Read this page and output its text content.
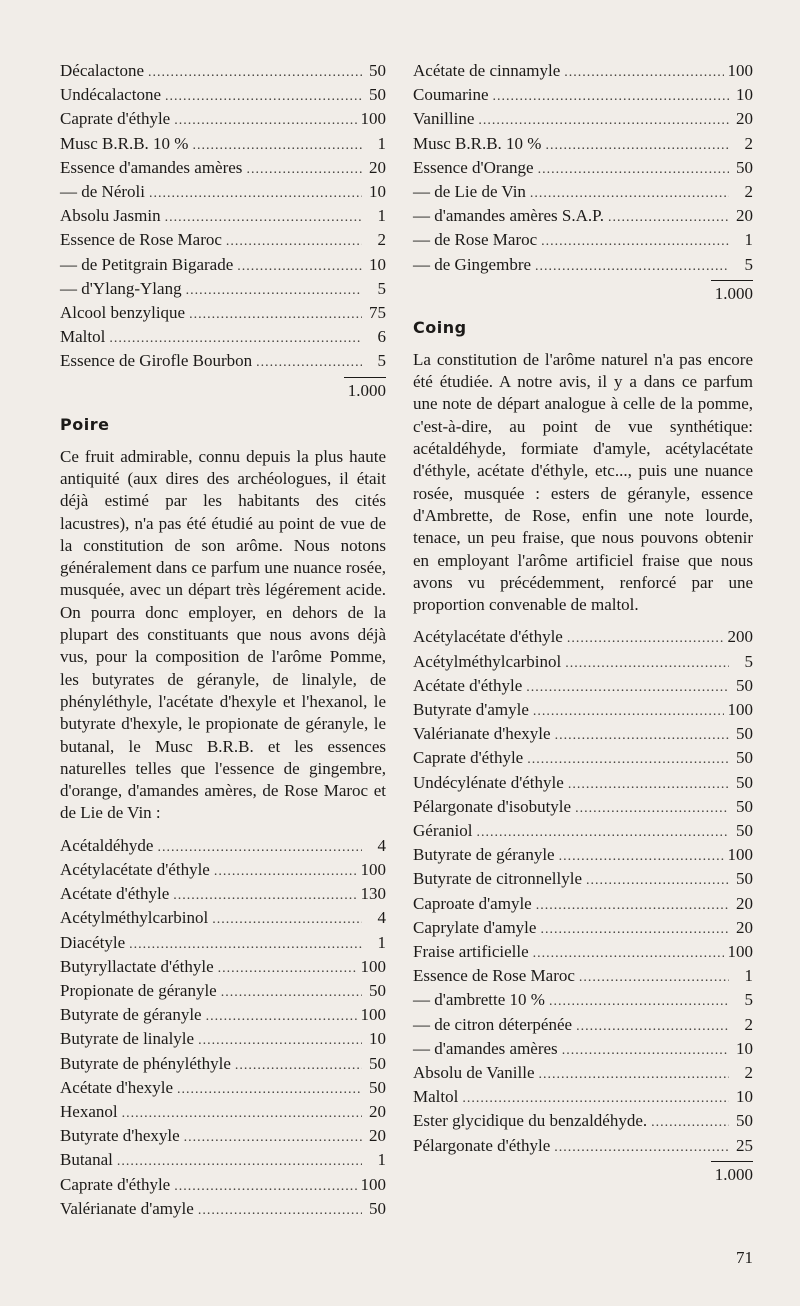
Décalactone .....	50
Undécalactone .....	50
Caprate d'éthyle .....	100
Musc B.R.B. 10 % .....	1
Essence d'amandes amères .....	20
— de Néroli .....	10
Absolu Jasmin .....	1
Essence de Rose Maroc .....	2
— de Petitgrain Bigarade .....	10
— d'Ylang-Ylang .....	5
Alcool benzylique .....	75
Maltol .....	6
Essence de Girofle Bourbon .....	5
1.000
Poire

Ce fruit admirable, connu depuis la plus haute antiquité (aux dires des archéologues, il était déjà estimé par les habitants des cités lacustres), n'a pas été étudié au point de vue de la constitution de son arôme. Nous notons généralement dans ce parfum une nuance rosée, musquée, avec un départ très légérement acide. On pourra donc employer, en dehors de la plupart des constituants que nous avons déjà vus, pour la composition de l'arôme Pomme, les butyrates de géranyle, de linalyle, de phényléthyle, l'acétate d'hexyle et l'hexanol, le butyrate d'hexyle, le propionate de géranyle, le butanal, le Musc B.R.B. et les essences naturelles telles que l'essence de gingembre, d'orange, d'amandes amères, de Rose Maroc et de Lie de Vin :

Acétaldéhyde .....	4
Acétylacétate d'éthyle .....	100
Acétate d'éthyle .....	130
Acétylméthylcarbinol .....	4
Diacétyle .....	1
Butyryllactate d'éthyle .....	100
Propionate de géranyle .....	50
Butyrate de géranyle .....	100
Butyrate de linalyle .....	10
Butyrate de phényléthyle .....	50
Acétate d'hexyle .....	50
Hexanol .....	20
Butyrate d'hexyle .....	20
Butanal .....	1
Caprate d'éthyle .....	100
Valérianate d'amyle .....	50
Acétate de cinnamyle .....	100
Coumarine .....	10
Vanilline .....	20
Musc B.R.B. 10 % .....	2
Essence d'Orange .....	50
— de Lie de Vin .....	2
— d'amandes amères S.A.P. .....	20
— de Rose Maroc .....	1
— de Gingembre .....	5
1.000
Coing

La constitution de l'arôme naturel n'a pas encore été étudiée. A notre avis, il y a dans ce parfum une note de départ analogue à celle de la pomme, c'est-à-dire, au point de vue synthétique: acétaldéhyde, formiate d'amyle, acétylacétate d'éthyle, acétate d'éthyle, etc..., puis une nuance rosée, musquée : esters de géranyle, essence d'Ambrette, de Rose, enfin une note lourde, tenace, un peu fraise, que nous pouvons obtenir en employant l'arôme artificiel fraise que nous avons vu précédemment, renforcé par une proportion convenable de maltol.

Acétylacétate d'éthyle .....	200
Acétylméthylcarbinol .....	5
Acétate d'éthyle .....	50
Butyrate d'amyle .....	100
Valérianate d'hexyle .....	50
Caprate d'éthyle .....	50
Undécylénate d'éthyle .....	50
Pélargonate d'isobutyle .....	50
Géraniol .....	50
Butyrate de géranyle .....	100
Butyrate de citronnellyle .....	50
Caproate d'amyle .....	20
Caprylate d'amyle .....	20
Fraise artificielle .....	100
Essence de Rose Maroc .....	1
— d'ambrette 10 % .....	5
— de citron déterpénée .....	2
— d'amandes amères .....	10
Absolu de Vanille .....	2
Maltol .....	10
Ester glycidique du benzaldéhyde. .....	50
Pélargonate d'éthyle .....	25
1.000
71
